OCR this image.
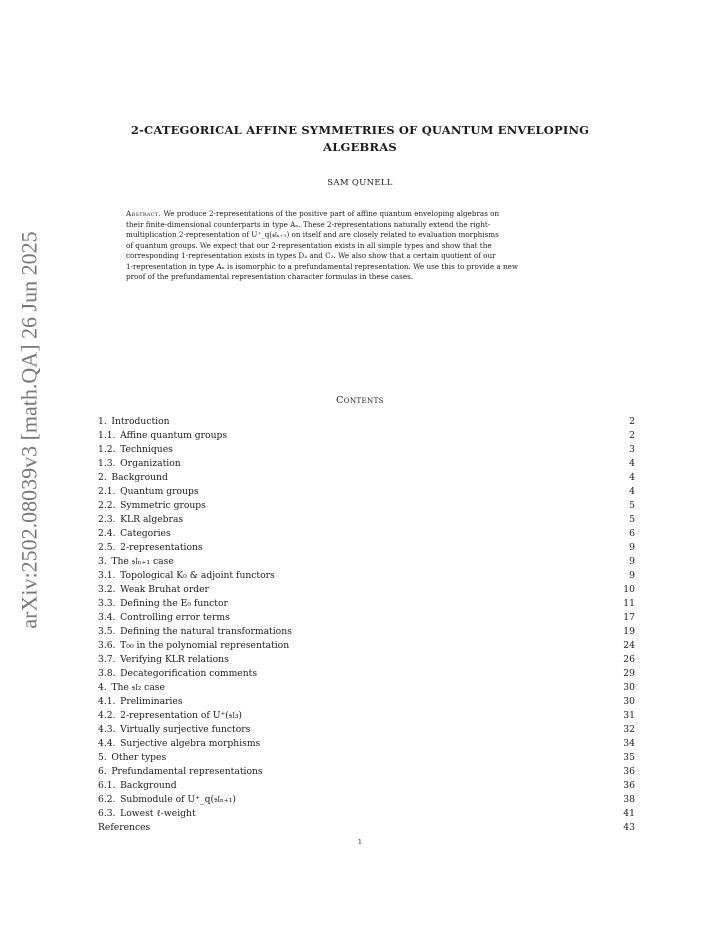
arXiv:2502.08039v3 [math.QA] 26 Jun 2025
2-CATEGORICAL AFFINE SYMMETRIES OF QUANTUM ENVELOPING
ALGEBRAS
SAM QUNELL
Abstract. We produce 2-representations of the positive part of affine quantum enveloping algebras on
their finite-dimensional counterparts in type Aₙ. These 2-representations naturally extend the right-
multiplication 2-representation of U⁺_q(𝔰𝔩ₙ₊₁) on itself and are closely related to evaluation morphisms
of quantum groups. We expect that our 2-representation exists in all simple types and show that the
corresponding 1-representation exists in types D₄ and C₂. We also show that a certain quotient of our
1-representation in type Aₙ is isomorphic to a prefundamental representation. We use this to provide a new
proof of the prefundamental representation character formulas in these cases.
Contents
1.  Introduction	2
1.1.  Affine quantum groups	2
1.2.  Techniques	3
1.3.  Organization	4
2.  Background	4
2.1.  Quantum groups	4
2.2.  Symmetric groups	5
2.3.  KLR algebras	5
2.4.  Categories	6
2.5.  2-representations	9
3.  The 𝔰𝔩ₙ₊₁ case	9
3.1.  Topological K₀ & adjoint functors	9
3.2.  Weak Bruhat order	10
3.3.  Defining the E₀ functor	11
3.4.  Controlling error terms	17
3.5.  Defining the natural transformations	19
3.6.  T₀₀ in the polynomial representation	24
3.7.  Verifying KLR relations	26
3.8.  Decategorification comments	29
4.  The 𝔰𝔩₂ case	30
4.1.  Preliminaries	30
4.2.  2-representation of U⁺(𝔰𝔩₃)	31
4.3.  Virtually surjective functors	32
4.4.  Surjective algebra morphisms	34
5.  Other types	35
6.  Prefundamental representations	36
6.1.  Background	36
6.2.  Submodule of U⁺_q(𝔰𝔩ₙ₊₁)	38
6.3.  Lowest ℓ-weight	41
References	43
1
